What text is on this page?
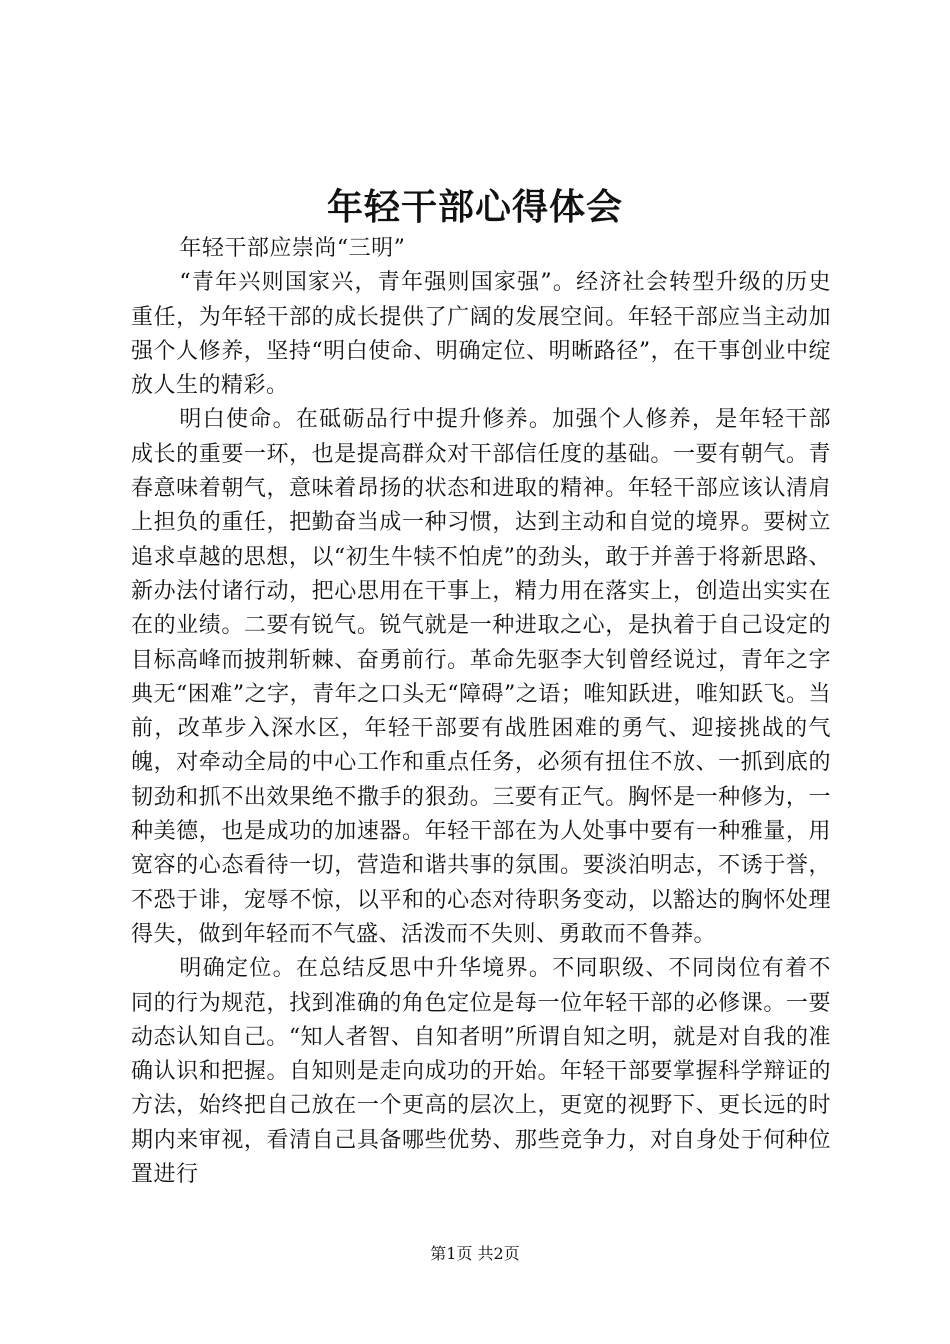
年轻干部心得体会

年轻干部应崇尚“三明”

“青年兴则国家兴，青年强则国家强”。经济社会转型升级的历史重任，为年轻干部的成长提供了广阔的发展空间。年轻干部应当主动加强个人修养，坚持“明白使命、明确定位、明晰路径”，在干事创业中绽放人生的精彩。

明白使命。在砥砺品行中提升修养。加强个人修养，是年轻干部成长的重要一环，也是提高群众对干部信任度的基础。一要有朝气。青春意味着朝气，意味着昂扬的状态和进取的精神。年轻干部应该认清肩上担负的重任，把勤奋当成一种习惯，达到主动和自觉的境界。要树立追求卓越的思想，以“初生牛犊不怕虎”的劲头，敢于并善于将新思路、新办法付诸行动，把心思用在干事上，精力用在落实上，创造出实实在在的业绩。二要有锐气。锐气就是一种进取之心，是执着于自己设定的目标高峰而披荆斩棘、奋勇前行。革命先驱李大钊曾经说过，青年之字典无“困难”之字，青年之口头无“障碍”之语；唯知跃进，唯知跃飞。当前，改革步入深水区，年轻干部要有战胜困难的勇气、迎接挑战的气魄，对牵动全局的中心工作和重点任务，必须有扭住不放、一抓到底的韧劲和抓不出效果绝不撒手的狠劲。三要有正气。胸怀是一种修为，一种美德，也是成功的加速器。年轻干部在为人处事中要有一种雅量，用宽容的心态看待一切，营造和谐共事的氛围。要淡泊明志，不诱于誉，不恐于诽，宠辱不惊，以平和的心态对待职务变动，以豁达的胸怀处理得失，做到年轻而不气盛、活泼而不失则、勇敢而不鲁莽。

明确定位。在总结反思中升华境界。不同职级、不同岗位有着不同的行为规范，找到准确的角色定位是每一位年轻干部的必修课。一要动态认知自己。“知人者智、自知者明”所谓自知之明，就是对自我的准确认识和把握。自知则是走向成功的开始。年轻干部要掌握科学辩证的方法，始终把自己放在一个更高的层次上，更宽的视野下、更长远的时期内来审视，看清自己具备哪些优势、那些竞争力，对自身处于何种位置进行

第1页 共2页
